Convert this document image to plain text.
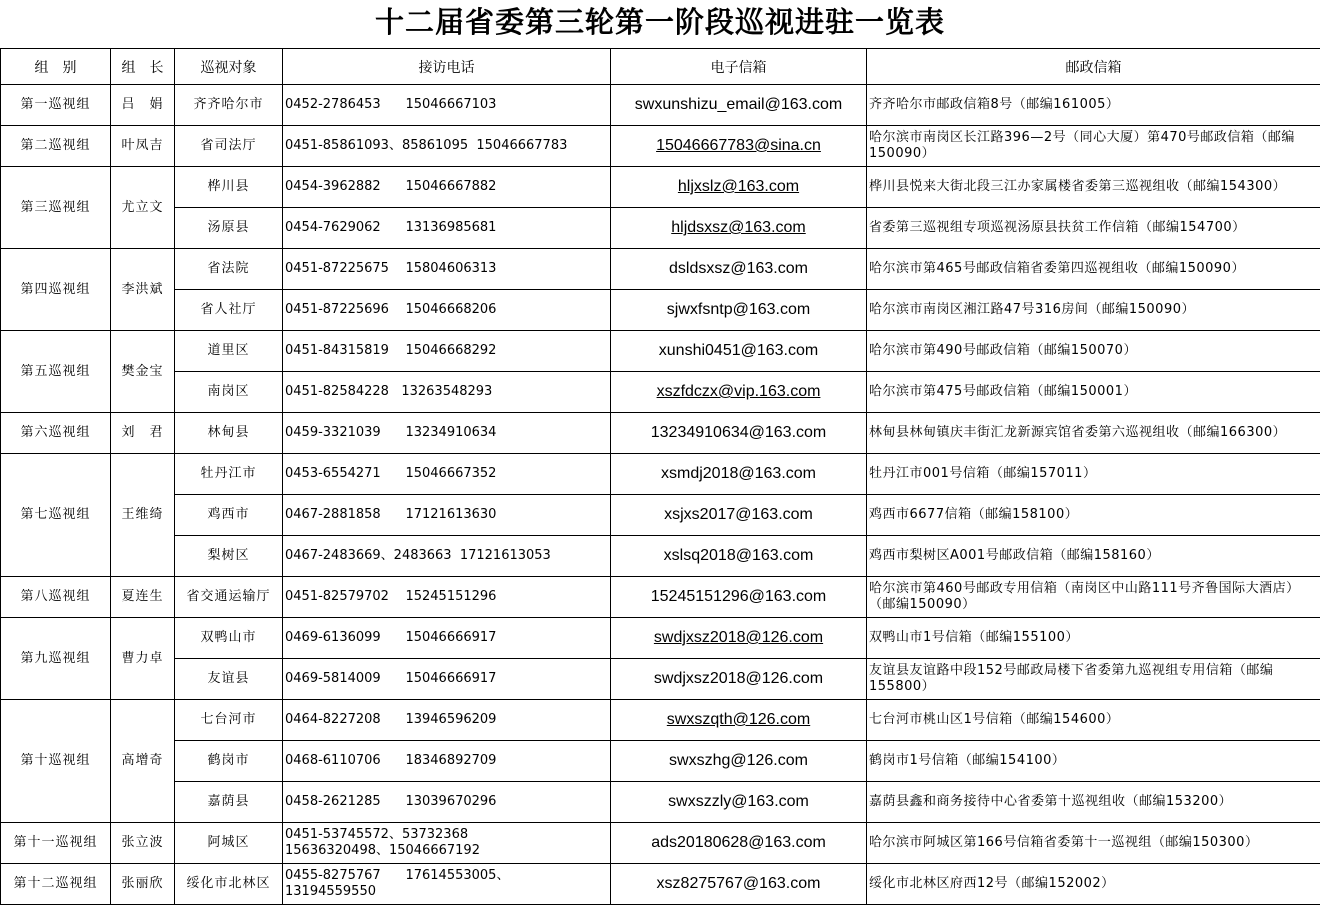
十二届省委第三轮第一阶段巡视进驻一览表
组　别	组　长	巡视对象	接访电话	电子信箱	邮政信箱
第一巡视组	吕　娟	齐齐哈尔市	0452-2786453      15046667103	swxunshizu_email@163.com	齐齐哈尔市邮政信箱8号（邮编161005）
第二巡视组	叶凤吉	省司法厅	0451-85861093、85861095  15046667783	15046667783@sina.cn	哈尔滨市南岗区长江路396—2号（同心大厦）第470号邮政信箱（邮编150090）
第三巡视组	尤立文	桦川县	0454-3962882      15046667882	hljxslz@163.com	桦川县悦来大街北段三江办家属楼省委第三巡视组收（邮编154300）
		汤原县	0454-7629062      13136985681	hljdsxsz@163.com	省委第三巡视组专项巡视汤原县扶贫工作信箱（邮编154700）
第四巡视组	李洪斌	省法院	0451-87225675    15804606313	dsldsxsz@163.com	哈尔滨市第465号邮政信箱省委第四巡视组收（邮编150090）
		省人社厅	0451-87225696    15046668206	sjwxfsntp@163.com	哈尔滨市南岗区湘江路47号316房间（邮编150090）
第五巡视组	樊金宝	道里区	0451-84315819    15046668292	xunshi0451@163.com	哈尔滨市第490号邮政信箱（邮编150070）
		南岗区	0451-82584228   13263548293	xszfdczx@vip.163.com	哈尔滨市第475号邮政信箱（邮编150001）
第六巡视组	刘　君	林甸县	0459-3321039      13234910634	13234910634@163.com	林甸县林甸镇庆丰街汇龙新源宾馆省委第六巡视组收（邮编166300）
第七巡视组	王维绮	牡丹江市	0453-6554271      15046667352	xsmdj2018@163.com	牡丹江市001号信箱（邮编157011）
		鸡西市	0467-2881858      17121613630	xsjxs2017@163.com	鸡西市6677信箱（邮编158100）
		梨树区	0467-2483669、2483663  17121613053	xslsq2018@163.com	鸡西市梨树区A001号邮政信箱（邮编158160）
第八巡视组	夏连生	省交通运输厅	0451-82579702    15245151296	15245151296@163.com	哈尔滨市第460号邮政专用信箱（南岗区中山路111号齐鲁国际大酒店）（邮编150090）
第九巡视组	曹力卓	双鸭山市	0469-6136099      15046666917	swdjxsz2018@126.com	双鸭山市1号信箱（邮编155100）
		友谊县	0469-5814009      15046666917	swdjxsz2018@126.com	友谊县友谊路中段152号邮政局楼下省委第九巡视组专用信箱（邮编155800）
第十巡视组	高增奇	七台河市	0464-8227208      13946596209	swxszqth@126.com	七台河市桃山区1号信箱（邮编154600）
		鹤岗市	0468-6110706      18346892709	swxszhg@126.com	鹤岗市1号信箱（邮编154100）
		嘉荫县	0458-2621285      13039670296	swxszzly@163.com	嘉荫县鑫和商务接待中心省委第十巡视组收（邮编153200）
第十一巡视组	张立波	阿城区	0451-53745572、53732368
15636320498、15046667192	ads20180628@163.com	哈尔滨市阿城区第166号信箱省委第十一巡视组（邮编150300）
第十二巡视组	张丽欣	绥化市北林区	0455-8275767      17614553005、
13194559550	xsz8275767@163.com	绥化市北林区府西12号（邮编152002）
